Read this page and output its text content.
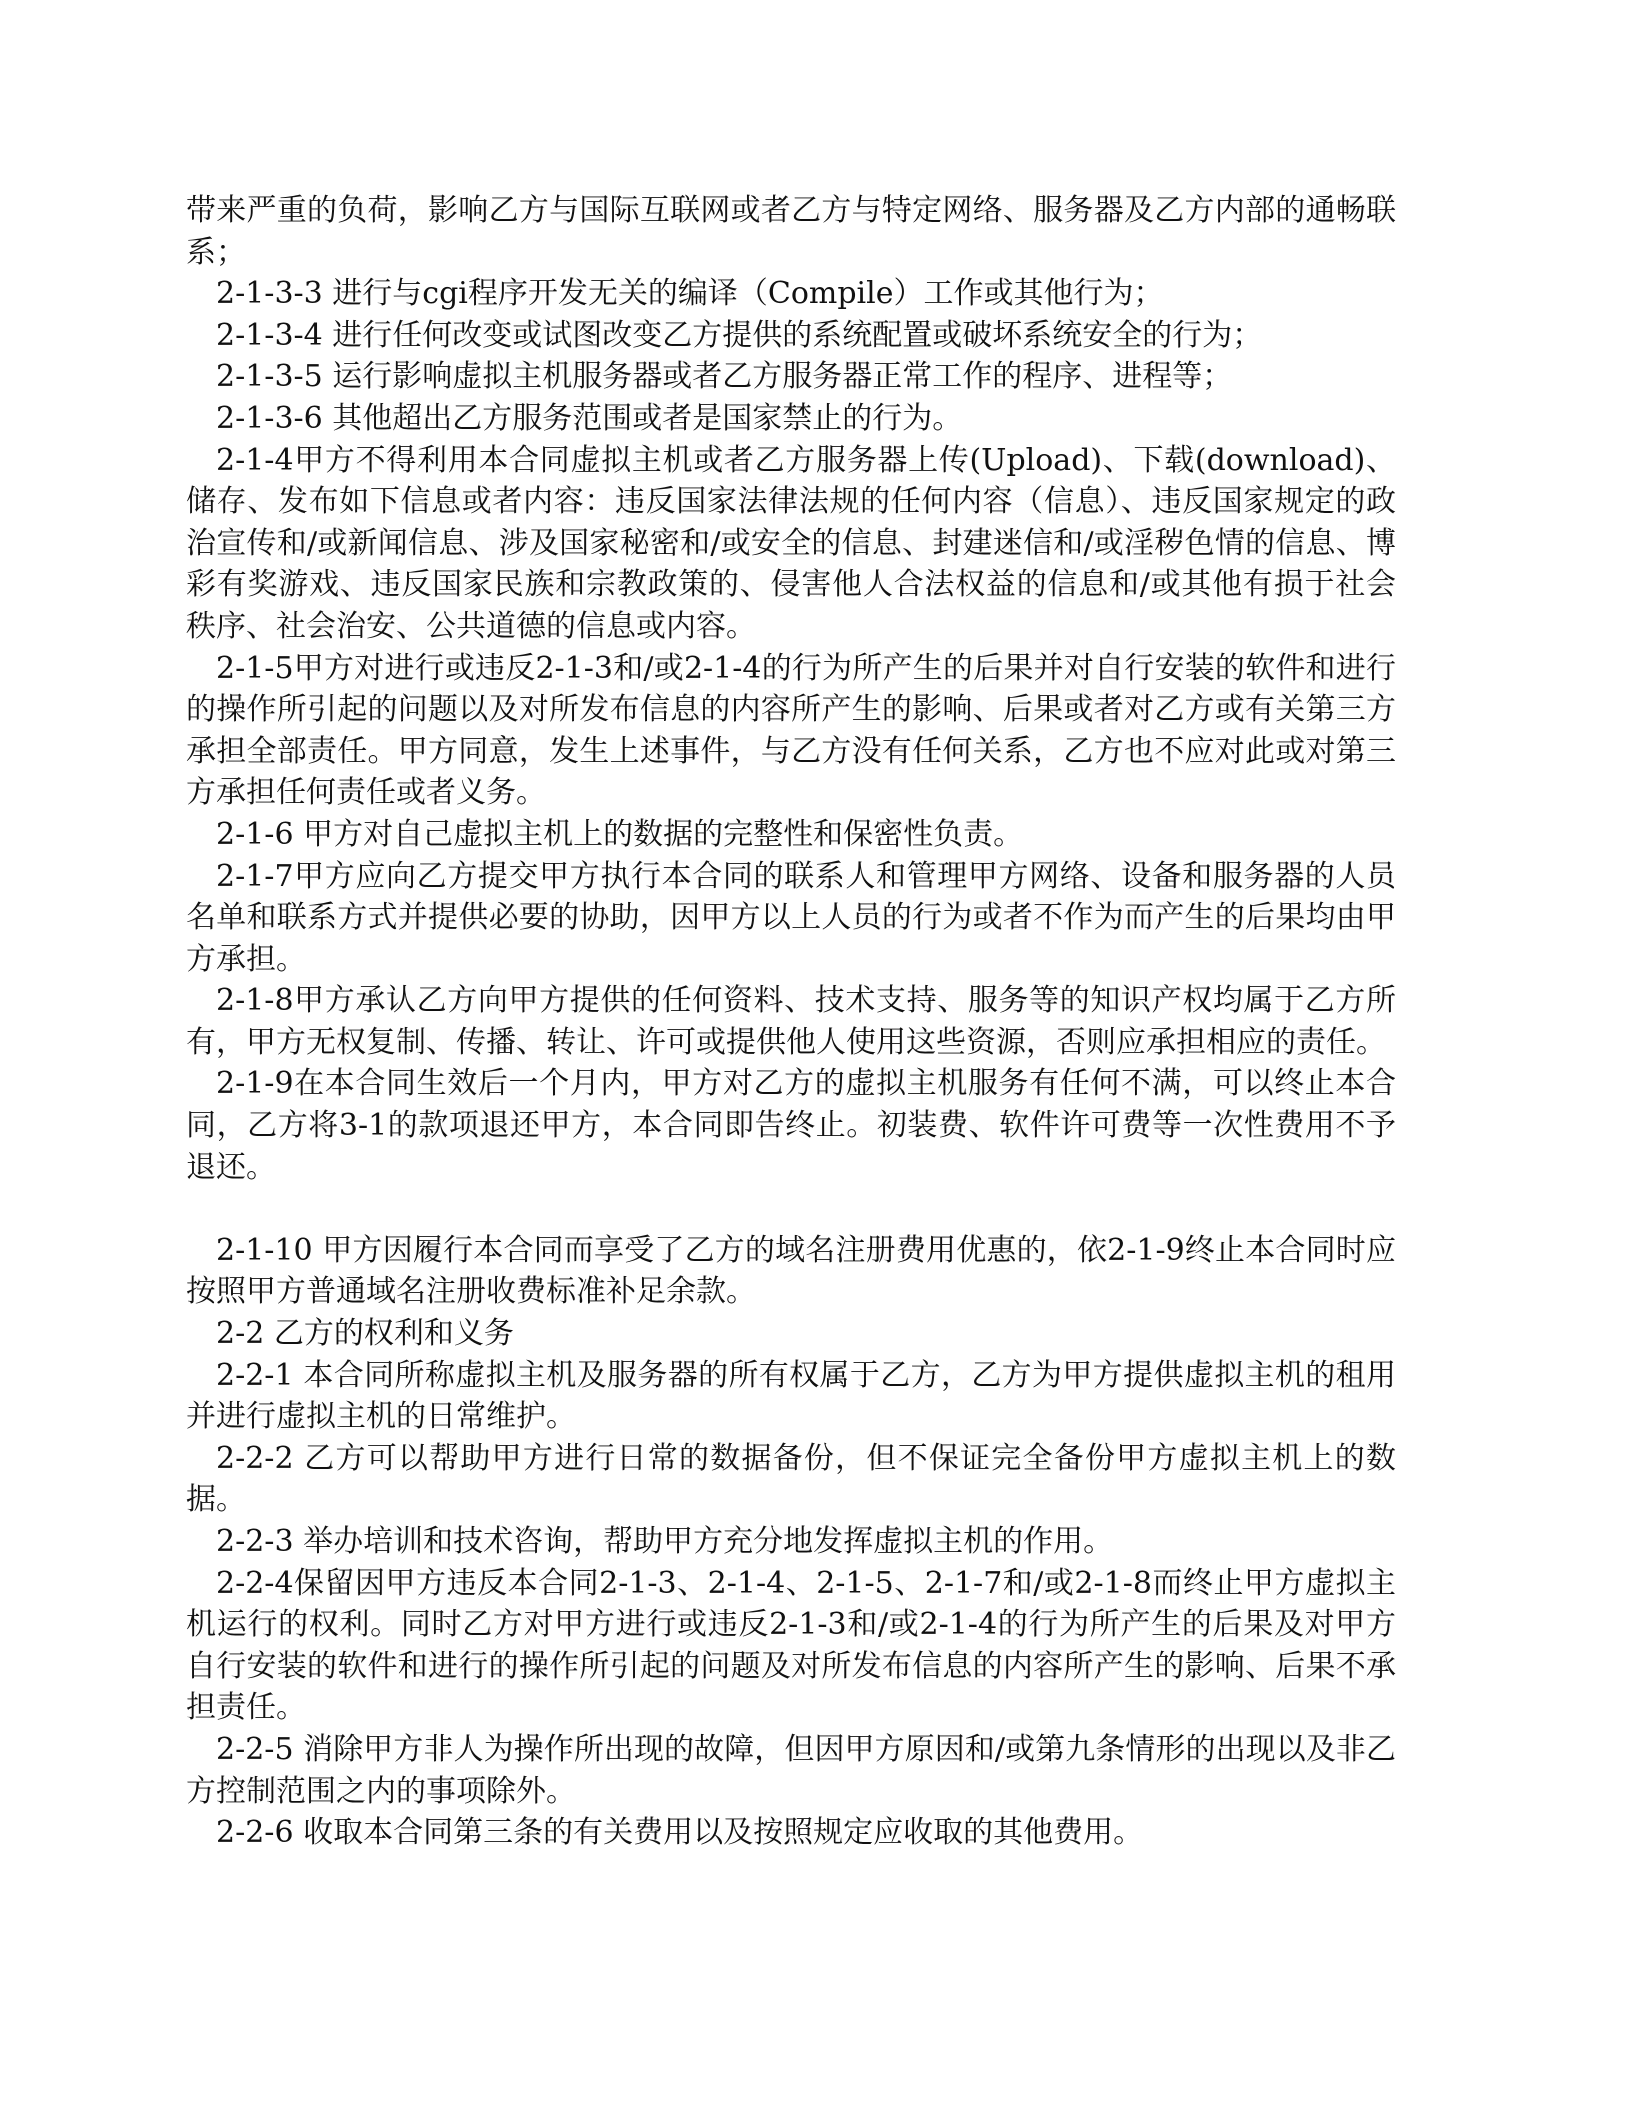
带来严重的负荷，影响乙方与国际互联网或者乙方与特定网络、服务器及乙方内部的通畅联系；

2-1-3-3 进行与cgi程序开发无关的编译（Compile）工作或其他行为；

2-1-3-4 进行任何改变或试图改变乙方提供的系统配置或破坏系统安全的行为；

2-1-3-5 运行影响虚拟主机服务器或者乙方服务器正常工作的程序、进程等；

2-1-3-6 其他超出乙方服务范围或者是国家禁止的行为。

2-1-4甲方不得利用本合同虚拟主机或者乙方服务器上传(Upload)、下载(download)、储存、发布如下信息或者内容：违反国家法律法规的任何内容（信息）、违反国家规定的政治宣传和/或新闻信息、涉及国家秘密和/或安全的信息、封建迷信和/或淫秽色情的信息、博彩有奖游戏、违反国家民族和宗教政策的、侵害他人合法权益的信息和/或其他有损于社会秩序、社会治安、公共道德的信息或内容。

2-1-5甲方对进行或违反2-1-3和/或2-1-4的行为所产生的后果并对自行安装的软件和进行的操作所引起的问题以及对所发布信息的内容所产生的影响、后果或者对乙方或有关第三方承担全部责任。甲方同意，发生上述事件，与乙方没有任何关系，乙方也不应对此或对第三方承担任何责任或者义务。

2-1-6 甲方对自己虚拟主机上的数据的完整性和保密性负责。

2-1-7甲方应向乙方提交甲方执行本合同的联系人和管理甲方网络、设备和服务器的人员名单和联系方式并提供必要的协助，因甲方以上人员的行为或者不作为而产生的后果均由甲方承担。

2-1-8甲方承认乙方向甲方提供的任何资料、技术支持、服务等的知识产权均属于乙方所有，甲方无权复制、传播、转让、许可或提供他人使用这些资源，否则应承担相应的责任。

2-1-9在本合同生效后一个月内，甲方对乙方的虚拟主机服务有任何不满，可以终止本合同，乙方将3-1的款项退还甲方，本合同即告终止。初装费、软件许可费等一次性费用不予退还。

2-1-10 甲方因履行本合同而享受了乙方的域名注册费用优惠的，依2-1-9终止本合同时应按照甲方普通域名注册收费标准补足余款。

2-2 乙方的权利和义务

2-2-1 本合同所称虚拟主机及服务器的所有权属于乙方，乙方为甲方提供虚拟主机的租用并进行虚拟主机的日常维护。

2-2-2 乙方可以帮助甲方进行日常的数据备份，但不保证完全备份甲方虚拟主机上的数据。

2-2-3 举办培训和技术咨询，帮助甲方充分地发挥虚拟主机的作用。

2-2-4保留因甲方违反本合同2-1-3、2-1-4、2-1-5、2-1-7和/或2-1-8而终止甲方虚拟主机运行的权利。同时乙方对甲方进行或违反2-1-3和/或2-1-4的行为所产生的后果及对甲方自行安装的软件和进行的操作所引起的问题及对所发布信息的内容所产生的影响、后果不承担责任。

2-2-5 消除甲方非人为操作所出现的故障，但因甲方原因和/或第九条情形的出现以及非乙方控制范围之内的事项除外。

2-2-6 收取本合同第三条的有关费用以及按照规定应收取的其他费用。
